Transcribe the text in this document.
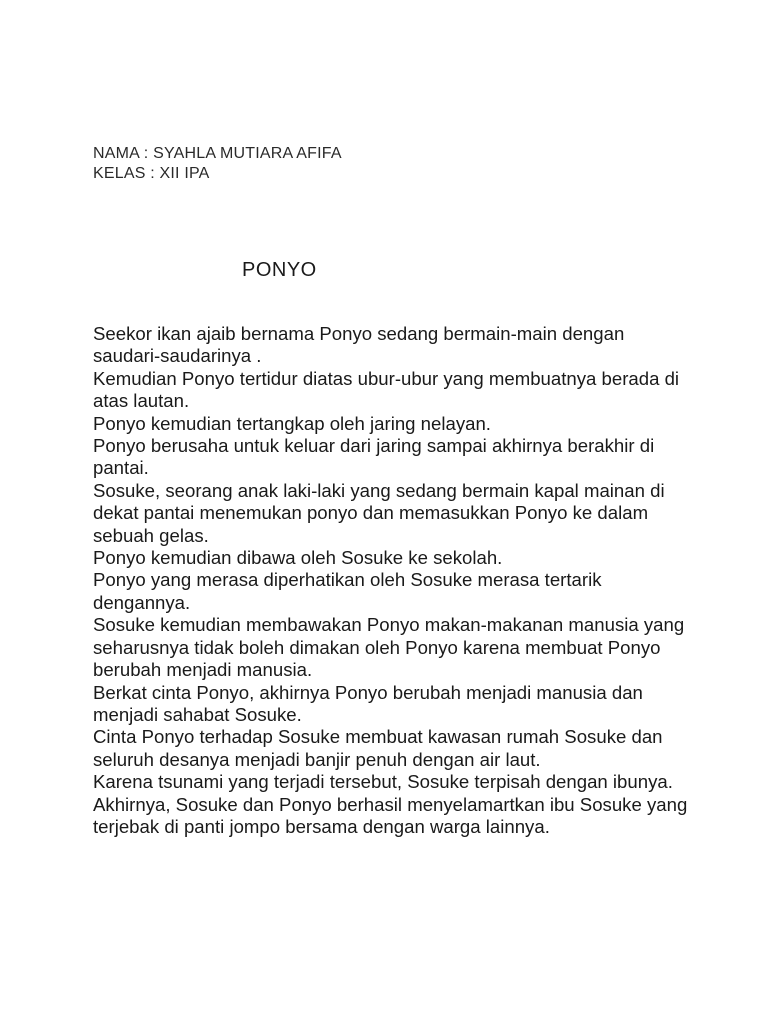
NAMA : SYAHLA MUTIARA AFIFA
KELAS : XII IPA
PONYO

Seekor ikan ajaib bernama Ponyo sedang bermain-main dengan saudari-saudarinya .

Kemudian Ponyo tertidur diatas ubur-ubur yang membuatnya berada di atas lautan.

Ponyo kemudian tertangkap oleh jaring nelayan.

Ponyo berusaha untuk keluar dari jaring sampai akhirnya berakhir di pantai.

Sosuke, seorang anak laki-laki yang sedang bermain kapal mainan di dekat pantai menemukan ponyo dan memasukkan Ponyo ke dalam sebuah gelas.

Ponyo kemudian dibawa oleh Sosuke ke sekolah.

Ponyo yang merasa diperhatikan oleh Sosuke merasa tertarik dengannya.

Sosuke kemudian membawakan Ponyo makan-makanan manusia yang seharusnya tidak boleh dimakan oleh Ponyo karena membuat Ponyo berubah menjadi manusia.

Berkat cinta Ponyo, akhirnya Ponyo berubah menjadi manusia dan menjadi sahabat Sosuke.

Cinta Ponyo terhadap Sosuke membuat kawasan rumah Sosuke dan seluruh desanya menjadi banjir penuh dengan air laut.

Karena tsunami yang terjadi tersebut, Sosuke terpisah dengan ibunya.

Akhirnya, Sosuke dan Ponyo berhasil menyelamartkan ibu Sosuke yang terjebak di panti jompo bersama dengan warga lainnya.
